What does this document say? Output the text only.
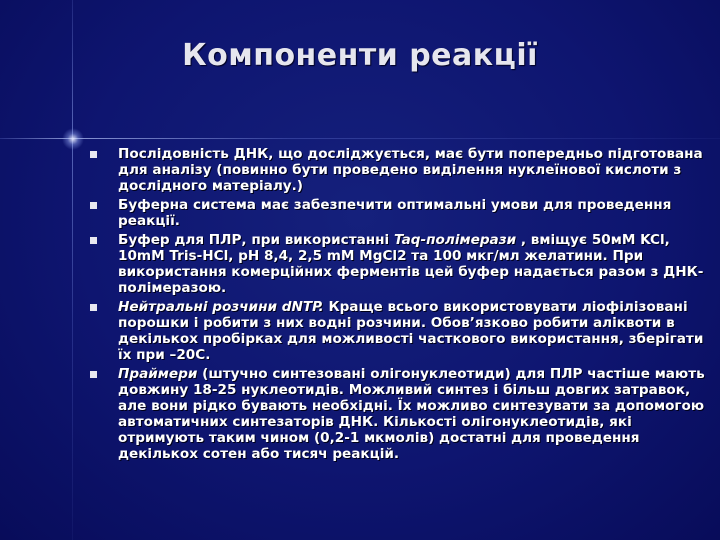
Компоненти реакції
Послідовність ДНК, що досліджується, має бути попередньо підготована для аналізу (повинно бути проведено виділення нуклеїнової кислоти з дослідного матеріалу.)
Буферна система має забезпечити оптимальні умови для проведення реакції.
Буфер для ПЛР, при використанні Taq-полімерази , вміщує 50мМ KCl, 10mM Tris-HCl, pH 8,4, 2,5 mM MgCl2 та 100 мкг/мл желатини. При використання комерційних ферментів цей буфер надається разом з ДНК-полімеразою.
Нейтральні розчини dNTP. Краще всього використовувати ліофілізовані порошки і робити з них водні розчини. Обов’язково робити аліквоти в декількох пробірках для можливості часткового використання, зберігати їх при –20С.
Праймери (штучно синтезовані олігонуклеотиди) для ПЛР частіше мають довжину 18-25 нуклеотидів. Можливий синтез і більш довгих затравок, але вони рідко бувають необхідні. Їх можливо синтезувати за допомогою автоматичних синтезаторів ДНК. Кількості олігонуклеотидів, які отримують таким чином (0,2-1 мкмолів) достатні для проведення декількох сотен або тисяч реакцій.
